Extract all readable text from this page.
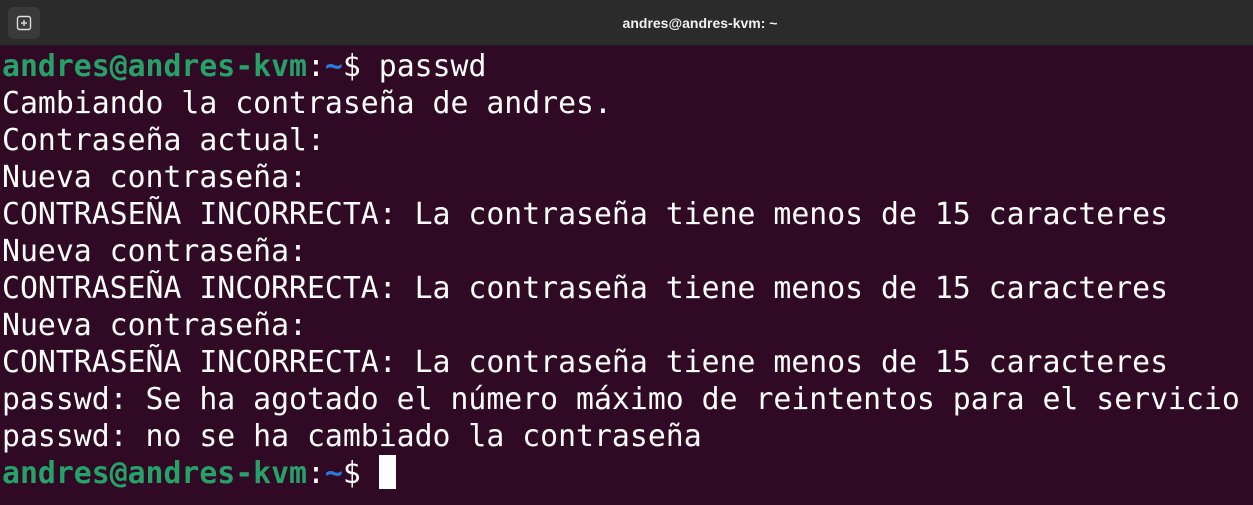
andres@andres-kvm: ~
andres@andres-kvm:~$ passwd
Cambiando la contraseña de andres.
Contraseña actual:
Nueva contraseña:
CONTRASEÑA INCORRECTA: La contraseña tiene menos de 15 caracteres
Nueva contraseña:
CONTRASEÑA INCORRECTA: La contraseña tiene menos de 15 caracteres
Nueva contraseña:
CONTRASEÑA INCORRECTA: La contraseña tiene menos de 15 caracteres
passwd: Se ha agotado el número máximo de reintentos para el servicio
passwd: no se ha cambiado la contraseña
andres@andres-kvm:~$
